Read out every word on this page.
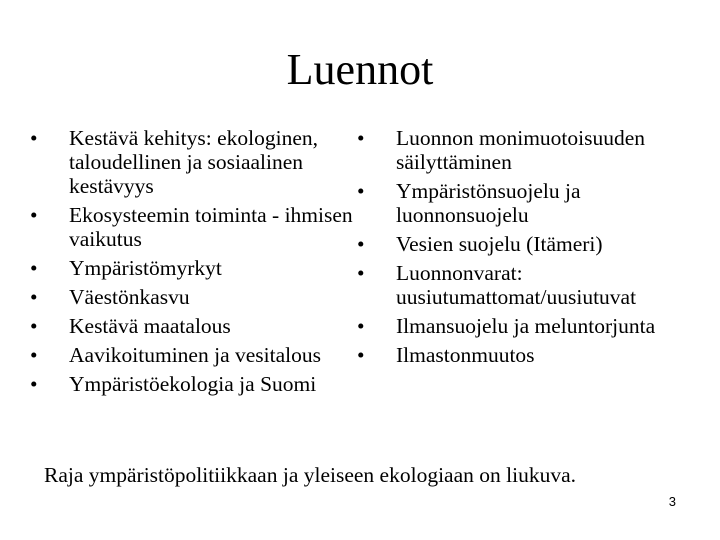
Luennot
•	Kestävä kehitys: ekologinen, taloudellinen ja sosiaalinen kestävyys
•	Ekosysteemin toiminta - ihmisen vaikutus
•	Ympäristömyrkyt
•	Väestönkasvu
•	Kestävä maatalous
•	Aavikoituminen ja vesitalous
•	Ympäristöekologia ja Suomi
•	Luonnon monimuotoisuuden säilyttäminen
•	Ympäristönsuojelu ja luonnonsuojelu
•	Vesien suojelu (Itämeri)
•	Luonnonvarat: uusiutumattomat/uusiutuvat
•	Ilmansuojelu ja meluntorjunta
•	Ilmastonmuutos
Raja ympäristöpolitiikkaan ja yleiseen ekologiaan on liukuva.
3
